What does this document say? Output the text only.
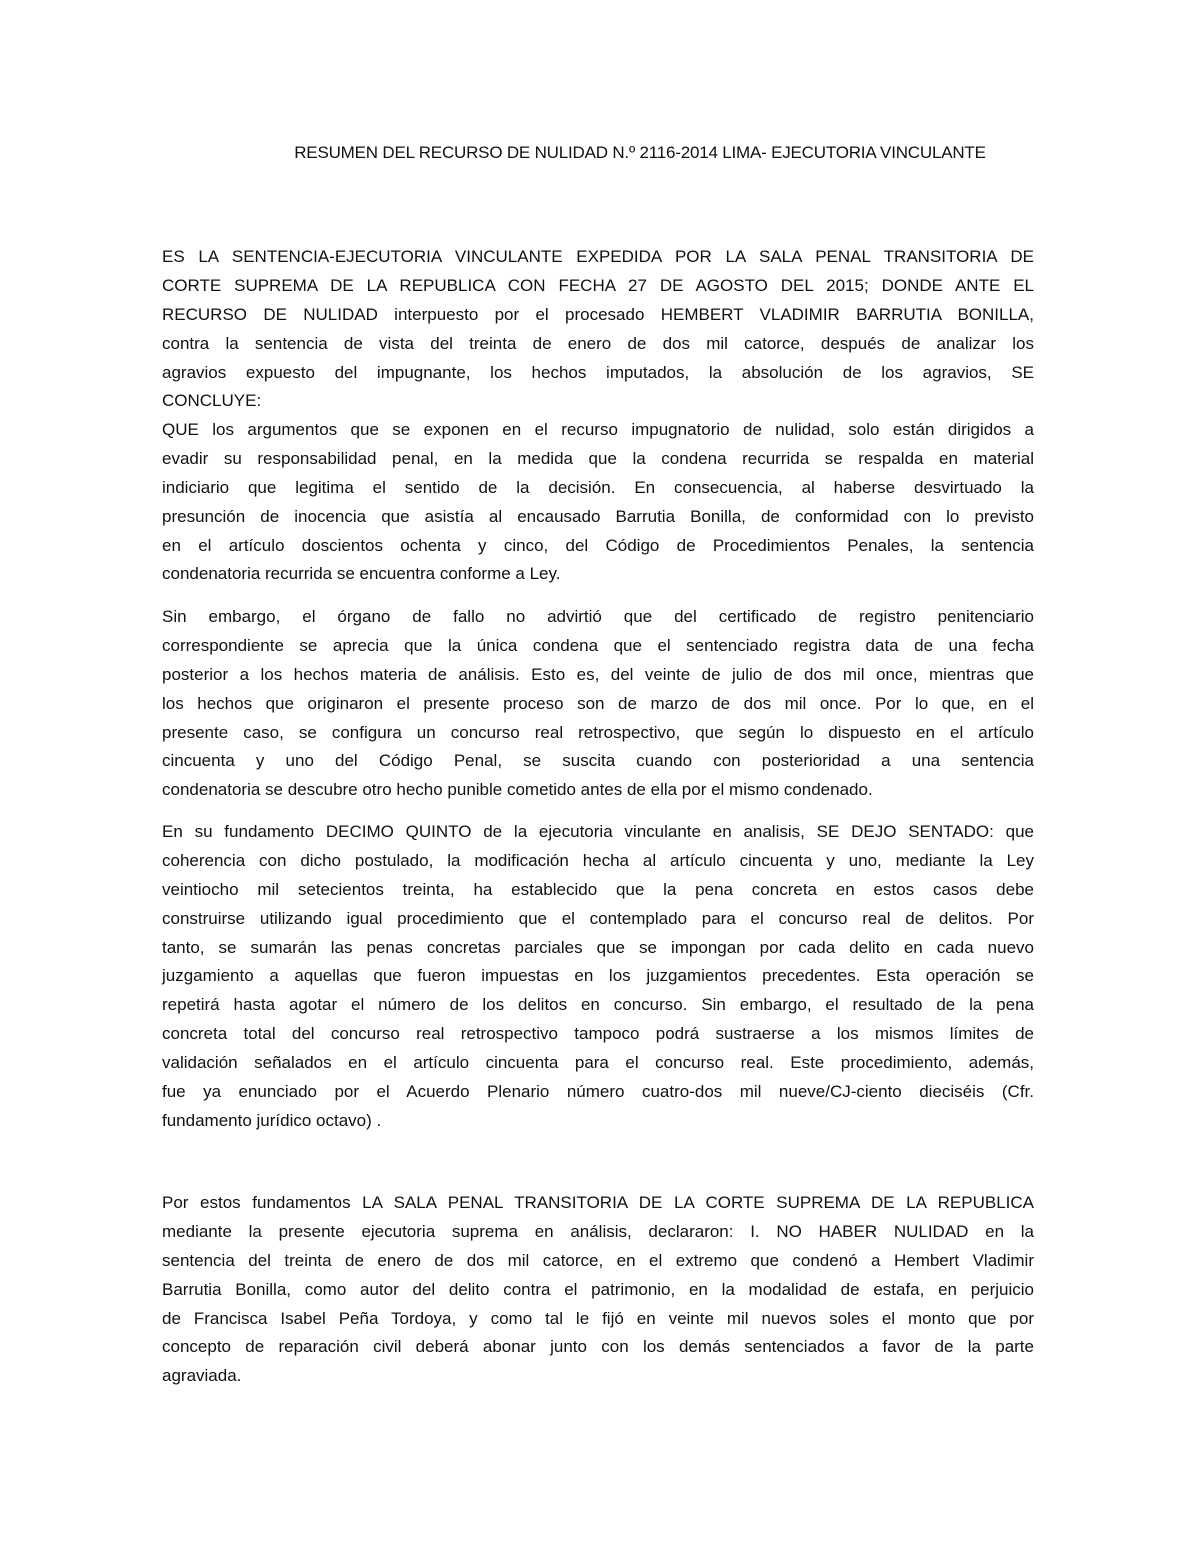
RESUMEN DEL RECURSO DE NULIDAD N.º 2116-2014 LIMA- EJECUTORIA VINCULANTE
ES LA SENTENCIA-EJECUTORIA VINCULANTE EXPEDIDA POR LA SALA PENAL TRANSITORIA DE
CORTE SUPREMA DE LA REPUBLICA CON FECHA 27 DE AGOSTO DEL 2015; DONDE ANTE EL
RECURSO DE NULIDAD interpuesto por el procesado HEMBERT VLADIMIR BARRUTIA BONILLA,
contra la sentencia de vista del treinta de enero de dos mil catorce, después de analizar los
agravios expuesto del impugnante, los hechos imputados, la absolución de los agravios, SE
CONCLUYE:
QUE los argumentos que se exponen en el recurso impugnatorio de nulidad, solo están dirigidos a
evadir su responsabilidad penal, en la medida que la condena recurrida se respalda en material
indiciario que legitima el sentido de la decisión. En consecuencia, al haberse desvirtuado la
presunción de inocencia que asistía al encausado Barrutia Bonilla, de conformidad con lo previsto
en el artículo doscientos ochenta y cinco, del Código de Procedimientos Penales, la sentencia
condenatoria recurrida se encuentra conforme a Ley.
Sin embargo, el órgano de fallo no advirtió que del certificado de registro penitenciario
correspondiente se aprecia que la única condena que el sentenciado registra data de una fecha
posterior a los hechos materia de análisis. Esto es, del veinte de julio de dos mil once, mientras que
los hechos que originaron el presente proceso son de marzo de dos mil once. Por lo que, en el
presente caso, se configura un concurso real retrospectivo, que según lo dispuesto en el artículo
cincuenta y uno del Código Penal, se suscita cuando con posterioridad a una sentencia
condenatoria se descubre otro hecho punible cometido antes de ella por el mismo condenado.
En su fundamento DECIMO QUINTO de la ejecutoria vinculante en analisis, SE DEJO SENTADO: que
coherencia con dicho postulado, la modificación hecha al artículo cincuenta y uno, mediante la Ley
veintiocho mil setecientos treinta, ha establecido que la pena concreta en estos casos debe
construirse utilizando igual procedimiento que el contemplado para el concurso real de delitos. Por
tanto, se sumarán las penas concretas parciales que se impongan por cada delito en cada nuevo
juzgamiento a aquellas que fueron impuestas en los juzgamientos precedentes. Esta operación se
repetirá hasta agotar el número de los delitos en concurso. Sin embargo, el resultado de la pena
concreta total del concurso real retrospectivo tampoco podrá sustraerse a los mismos límites de
validación señalados en el artículo cincuenta para el concurso real. Este procedimiento, además,
fue ya enunciado por el Acuerdo Plenario número cuatro-dos mil nueve/CJ-ciento dieciséis (Cfr.
fundamento jurídico octavo) .
Por estos fundamentos LA SALA PENAL TRANSITORIA DE LA CORTE SUPREMA DE LA REPUBLICA
mediante la presente ejecutoria suprema en análisis, declararon: I. NO HABER NULIDAD en la
sentencia del treinta de enero de dos mil catorce, en el extremo que condenó a Hembert Vladimir
Barrutia Bonilla, como autor del delito contra el patrimonio, en la modalidad de estafa, en perjuicio
de Francisca Isabel Peña Tordoya, y como tal le fijó en veinte mil nuevos soles el monto que por
concepto de reparación civil deberá abonar junto con los demás sentenciados a favor de la parte
agraviada.
